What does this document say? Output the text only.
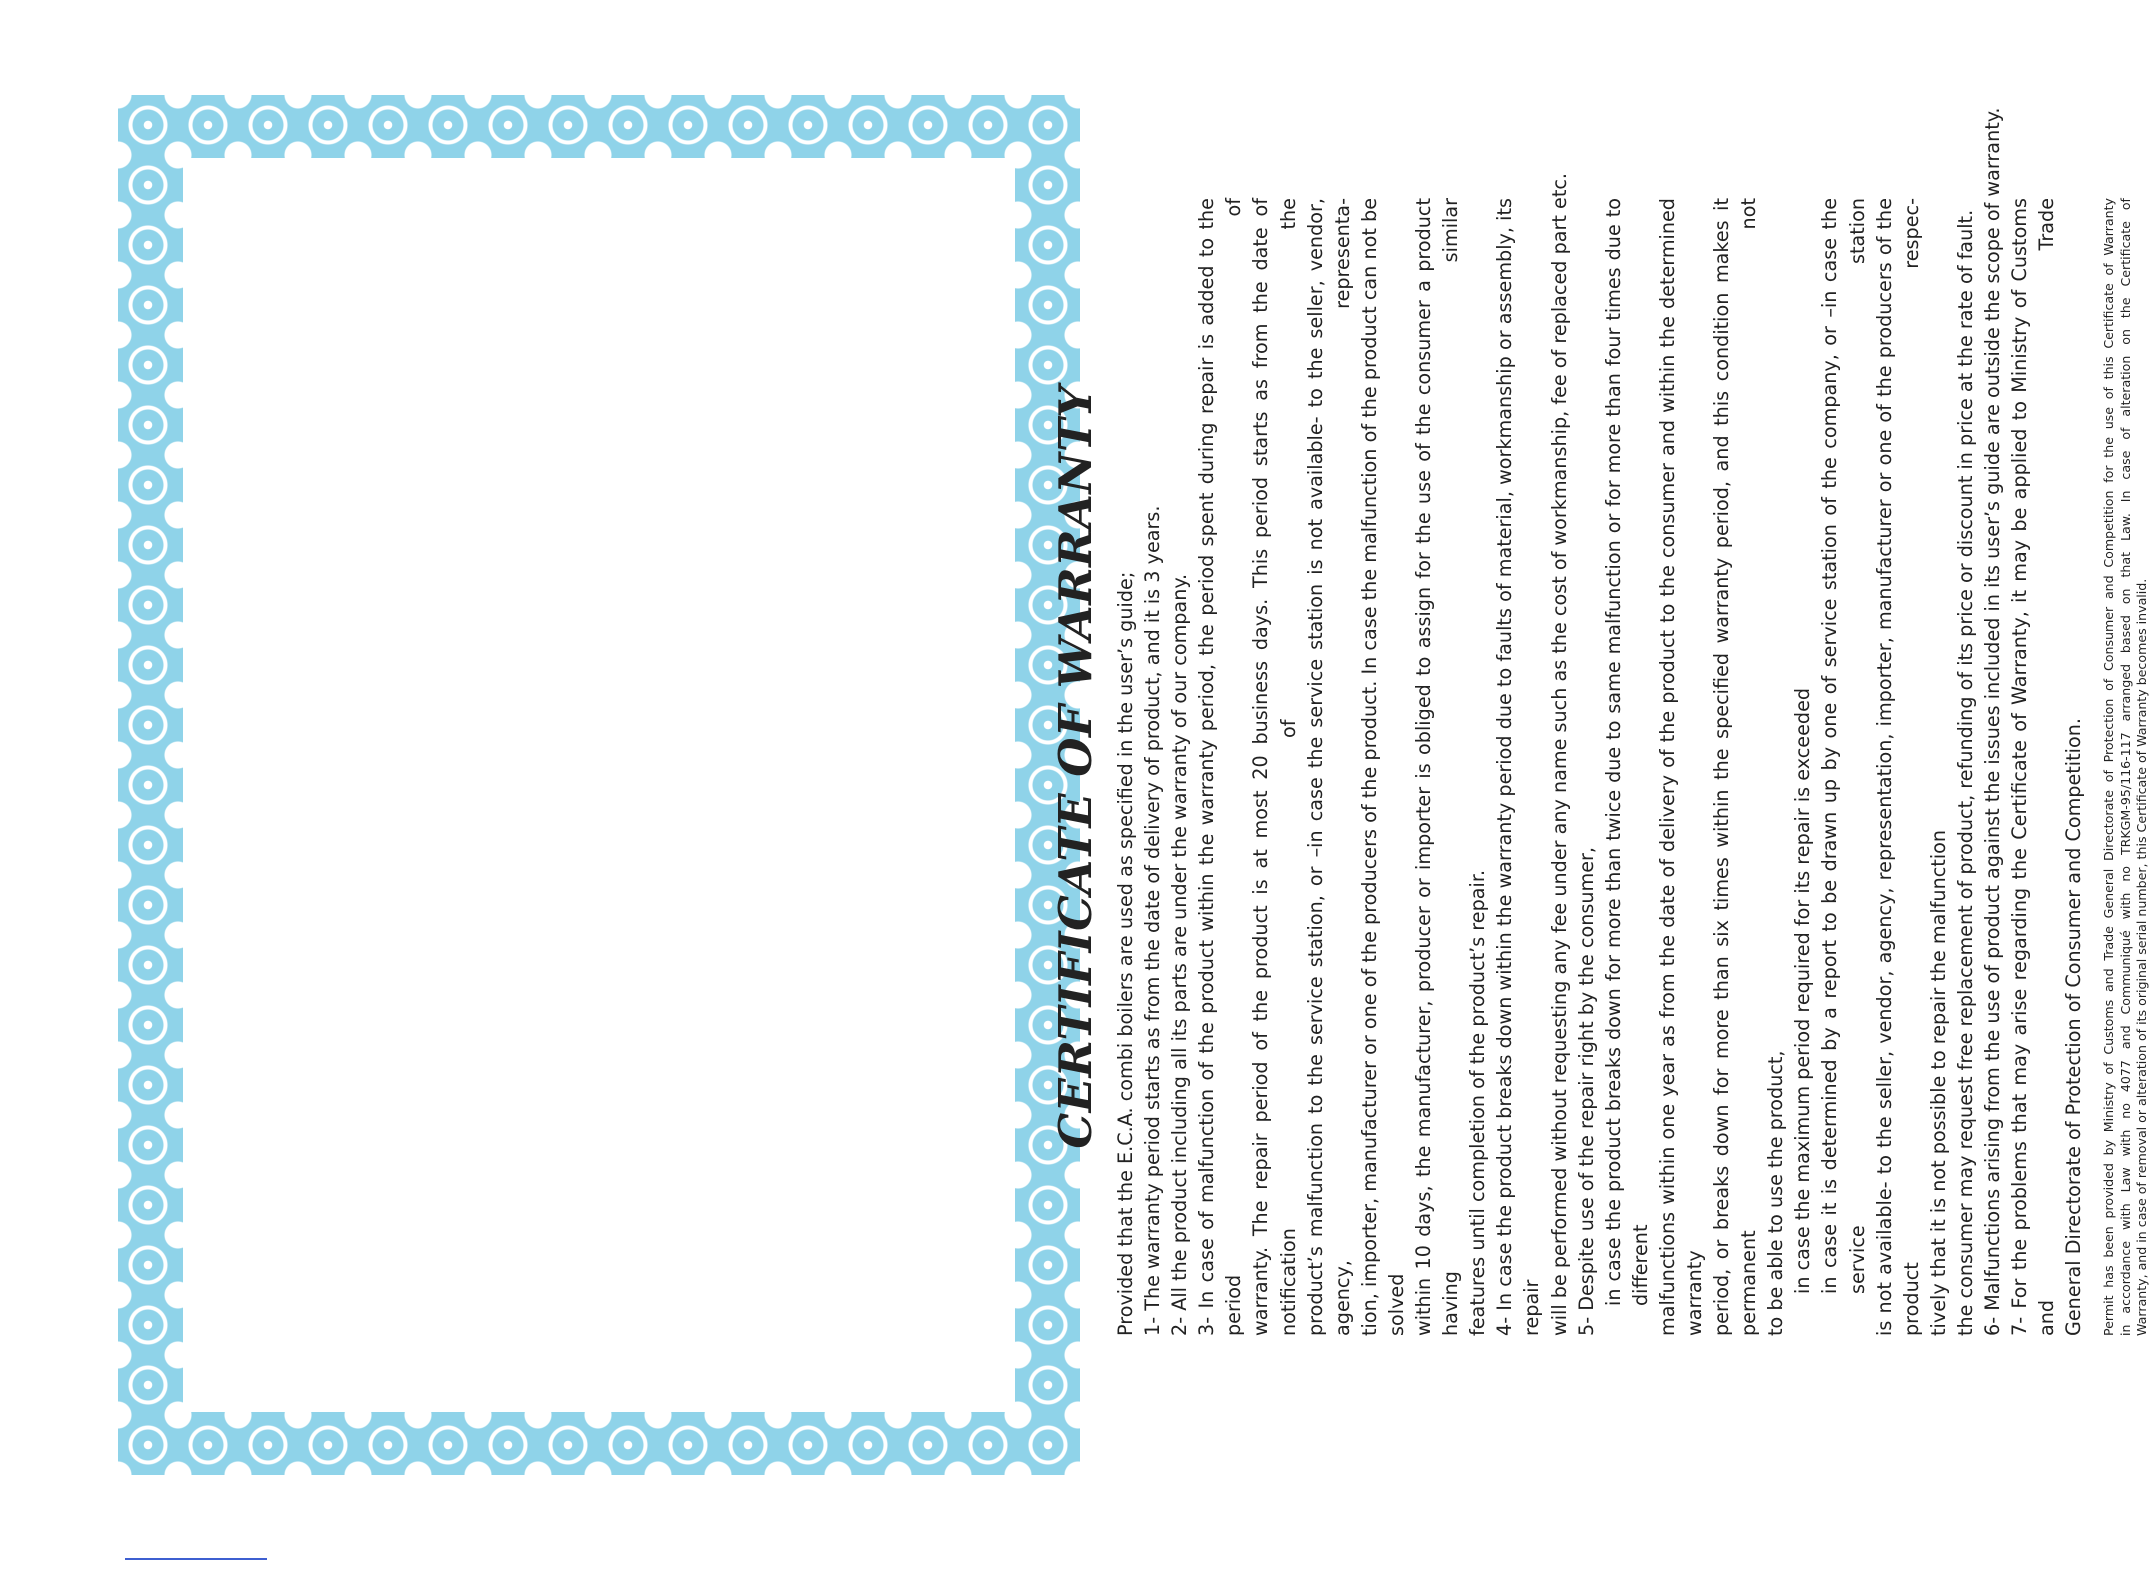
CERTIFICATE OF WARRANTY Provided that the E.C.A. combi boilers are used as specified in the user’s guide; 1- The warranty period starts as from the date of delivery of product, and it is 3 years. 2- All the product including all its parts are under the warranty of our company. 3- In case of malfunction of the product within the warranty period, the period spent during repair is added to the period of warranty. The repair period of the product is at most 20 business days. This period starts as from the date of notification of the product’s malfunction to the service station, or –in case the service station is not available- to the seller, vendor, agency, representa- tion, importer, manufacturer or one of the producers of the product. In case the malfunction of the product can not be solved within 10 days, the manufacturer, producer or importer is obliged to assign for the use of the consumer a product having similar features until completion of the product’s repair. 4- In case the product breaks down within the warranty period due to faults of material, workmanship or assembly, its repair will be performed without requesting any fee under any name such as the cost of workmanship, fee of replaced part etc. 5- Despite use of the repair right by the consumer, in case the product breaks down for more than twice due to same malfunction or for more than four times due to different malfunctions within one year as from the date of delivery of the product to the consumer and within the determined warranty period, or breaks down for more than six times within the specified warranty period, and this condition makes it permanent not to be able to use the product, in case the maximum period required for its repair is exceeded in case it is determined by a report to be drawn up by one of service station of the company, or –in case the service station is not available- to the seller, vendor, agency, representation, importer, manufacturer or one of the producers of the product respec- tively that it is not possible to repair the malfunction the consumer may request free replacement of product, refunding of its price or discount in price at the rate of fault. 6- Malfunctions arising from the use of product against the issues included in its user’s guide are outside the scope of warranty. 7- For the problems that may arise regarding the Certificate of Warranty, it may be applied to Ministry of Customs and Trade General Directorate of Protection of Consumer and Competition. Permit has been provided by Ministry of Customs and Trade General Directorate of Protection of Consumer and Competition for the use of this Certificate of Warranty in accordance with Law with no 4077 and Communiqué with no TRKGM-95/116-117 arranged based on that Law. In case of alteration on the Certificate of Warranty, and in case of removal or alteration of its original serial number, this Certificate of Warranty becomes invalid.
